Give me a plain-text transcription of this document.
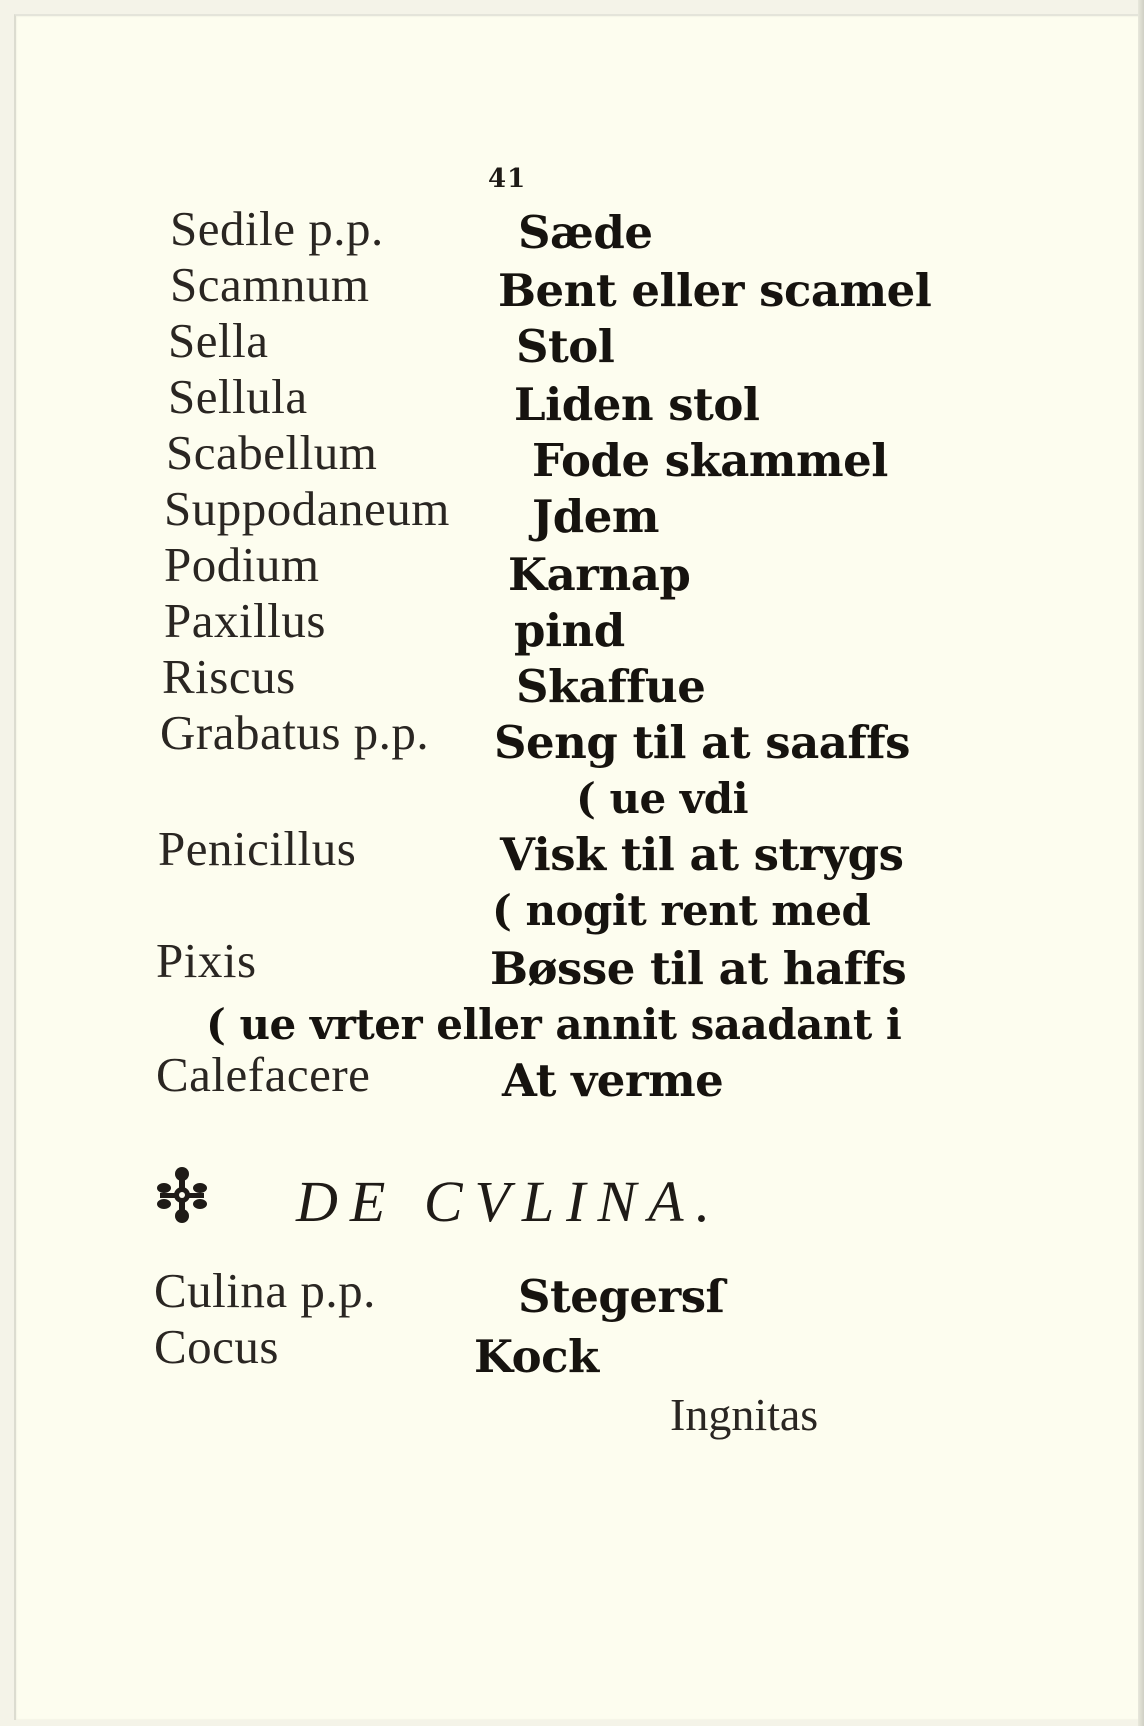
41
Sedile p.p.
Scamnum
Sella
Sellula
Scabellum
Suppodaneum
Podium
Paxillus
Riscus
Grabatus p.p.
Penicillus
Pixis
Calefacere
Sæde
Bent eller scamel
Stol
Liden stol
Fode skammel
Jdem
Karnap
pind
Skaffue
Seng til at saaffs
( ue vdi
Visk til at strygs
( nogit rent med
Bøsse til at haffs
( ue vrter eller annit saadant i
At verme
DE CVLINA.
Culina p.p.	Stegersſ
Cocus	Kock
Ingnitas
